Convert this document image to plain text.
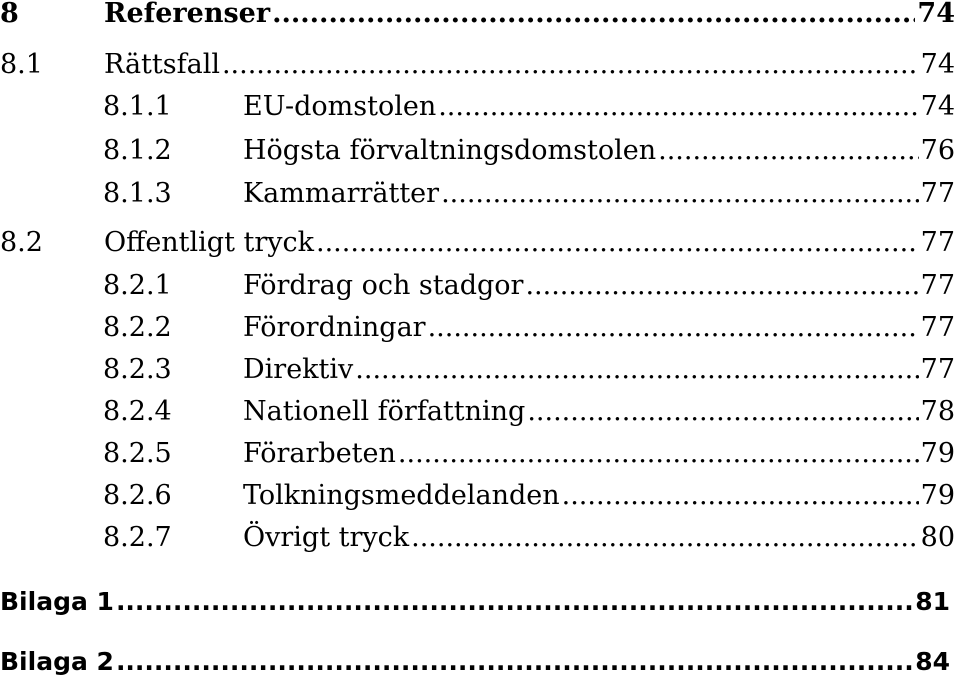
8	Referenser .....	74
8.1	Rättsfall .....	74
8.1.1	EU-domstolen .....	74
8.1.2	Högsta förvaltningsdomstolen .....	76
8.1.3	Kammarrätter .....	77
8.2	Offentligt tryck .....	77
8.2.1	Fördrag och stadgor .....	77
8.2.2	Förordningar .....	77
8.2.3	Direktiv .....	77
8.2.4	Nationell författning .....	78
8.2.5	Förarbeten .....	79
8.2.6	Tolkningsmeddelanden .....	79
8.2.7	Övrigt tryck .....	80
Bilaga 1 .....	81
Bilaga 2 .....	84
